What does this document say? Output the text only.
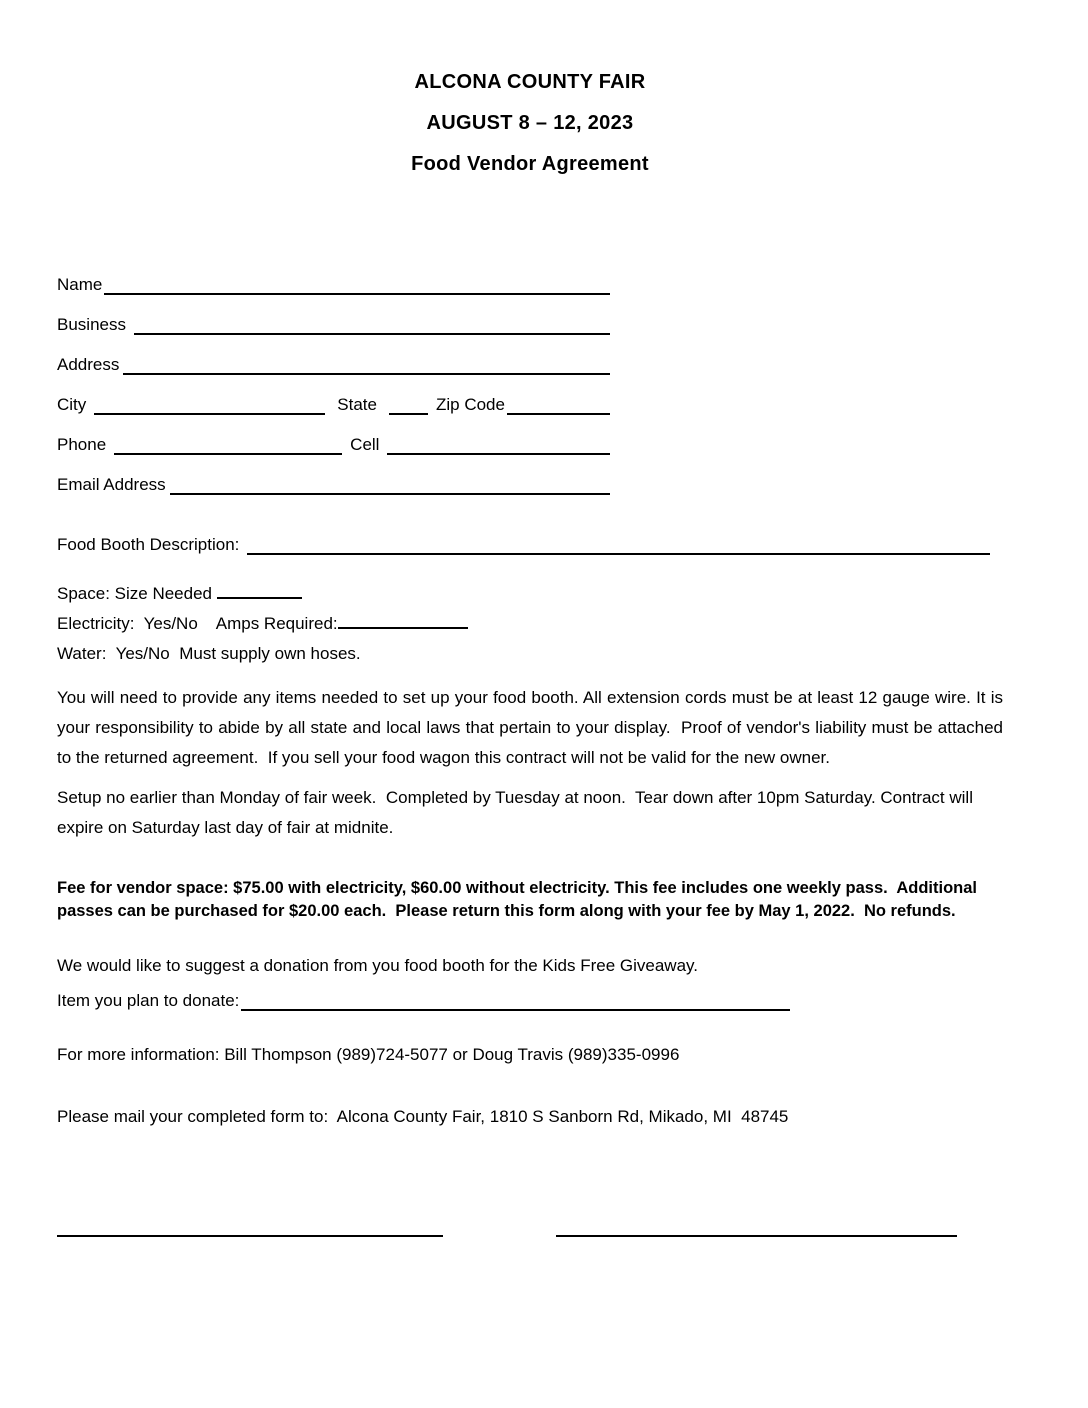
ALCONA COUNTY FAIR
AUGUST 8 – 12, 2023
Food Vendor Agreement
Name
Business
Address
City	State	Zip Code
Phone	Cell
Email Address
Food Booth Description:
Space: Size Needed
Electricity:  Yes/No    Amps Required:
Water:  Yes/No  Must supply own hoses.

You will need to provide any items needed to set up your food booth. All extension cords must be at least 12 gauge wire. It is your responsibility to abide by all state and local laws that pertain to your display.  Proof of vendor's liability must be attached to the returned agreement.  If you sell your food wagon this contract will not be valid for the new owner.

Setup no earlier than Monday of fair week.  Completed by Tuesday at noon.  Tear down after 10pm Saturday. Contract will expire on Saturday last day of fair at midnite.

Fee for vendor space: $75.00 with electricity, $60.00 without electricity. This fee includes one weekly pass.  Additional passes can be purchased for $20.00 each.  Please return this form along with your fee by May 1, 2022.  No refunds.

We would like to suggest a donation from you food booth for the Kids Free Giveaway.

Item you plan to donate:

For more information: Bill Thompson (989)724-5077 or Doug Travis (989)335-0996

Please mail your completed form to:  Alcona County Fair, 1810 S Sanborn Rd, Mikado, MI  48745
